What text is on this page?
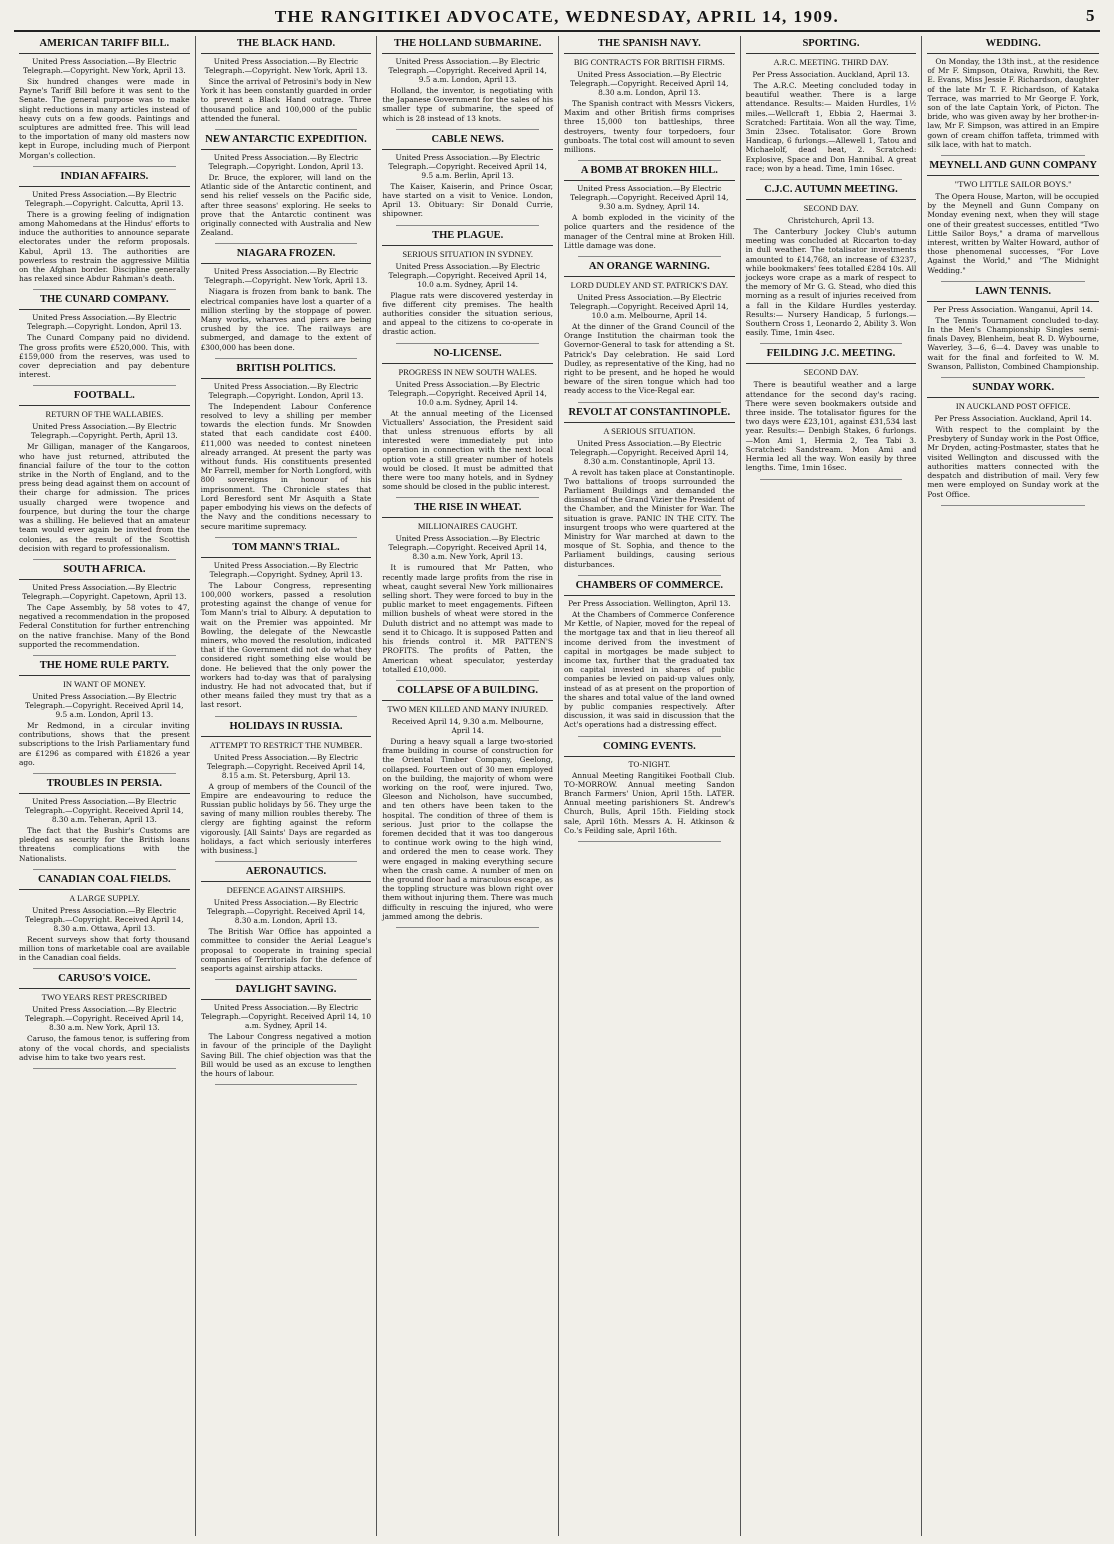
THE RANGITIKEI ADVOCATE, WEDNESDAY, APRIL 14, 1909.	5

AMERICAN TARIFF BILL.

United Press Association.—By Electric Telegraph.—Copyright. New York, April 13.

Six hundred changes were made in Payne's Tariff Bill before it was sent to the Senate. The general purpose was to make slight reductions in many articles instead of heavy cuts on a few goods. Paintings and sculptures are admitted free. This will lead to the importation of many old masters now kept in Europe, including much of Pierpont Morgan's collection.

INDIAN AFFAIRS.

United Press Association.—By Electric Telegraph.—Copyright. Calcutta, April 13.

There is a growing feeling of indignation among Mahomedans at the Hindus' efforts to induce the authorities to announce separate electorates under the reform proposals. Kabul, April 13. The authorities are powerless to restrain the aggressive Militia on the Afghan border. Discipline generally has relaxed since Abdur Rahman's death.

THE CUNARD COMPANY.

United Press Association.—By Electric Telegraph.—Copyright. London, April 13.

The Cunard Company paid no dividend. The gross profits were £520,000. This, with £159,000 from the reserves, was used to cover depreciation and pay debenture interest.

FOOTBALL.

RETURN OF THE WALLABIES.

United Press Association.—By Electric Telegraph.—Copyright. Perth, April 13.

Mr Gilligan, manager of the Kangaroos, who have just returned, attributed the financial failure of the tour to the cotton strike in the North of England, and to the press being dead against them on account of their charge for admission. The prices usually charged were twopence and fourpence, but during the tour the charge was a shilling. He believed that an amateur team would ever again be invited from the colonies, as the result of the Scottish decision with regard to professionalism.

SOUTH AFRICA.

United Press Association.—By Electric Telegraph.—Copyright. Capetown, April 13.

The Cape Assembly, by 58 votes to 47, negatived a recommendation in the proposed Federal Constitution for further entrenching on the native franchise. Many of the Bond supported the recommendation.

THE HOME RULE PARTY.

IN WANT OF MONEY.

United Press Association.—By Electric Telegraph.—Copyright. Received April 14, 9.5 a.m. London, April 13.

Mr Redmond, in a circular inviting contributions, shows that the present subscriptions to the Irish Parliamentary fund are £1296 as compared with £1826 a year ago.

TROUBLES IN PERSIA.

United Press Association.—By Electric Telegraph.—Copyright. Received April 14, 8.30 a.m. Teheran, April 13.

The fact that the Bushir's Customs are pledged as security for the British loans threatens complications with the Nationalists.

CANADIAN COAL FIELDS.

A LARGE SUPPLY.

United Press Association.—By Electric Telegraph.—Copyright. Received April 14, 8.30 a.m. Ottawa, April 13.

Recent surveys show that forty thousand million tons of marketable coal are available in the Canadian coal fields.

CARUSO'S VOICE.

TWO YEARS REST PRESCRIBED

United Press Association.—By Electric Telegraph.—Copyright. Received April 14, 8.30 a.m. New York, April 13.

Caruso, the famous tenor, is suffering from atony of the vocal chords, and specialists advise him to take two years rest.

THE BLACK HAND.

United Press Association.—By Electric Telegraph.—Copyright. New York, April 13.

Since the arrival of Petrosini's body in New York it has been constantly guarded in order to prevent a Black Hand outrage. Three thousand police and 100,000 of the public attended the funeral.

NEW ANTARCTIC EXPEDITION.

United Press Association.—By Electric Telegraph.—Copyright. London, April 13.

Dr. Bruce, the explorer, will land on the Atlantic side of the Antarctic continent, and send his relief vessels on the Pacific side, after three seasons' exploring. He seeks to prove that the Antarctic continent was originally connected with Australia and New Zealand.

NIAGARA FROZEN.

United Press Association.—By Electric Telegraph.—Copyright. New York, April 13.

Niagara is frozen from bank to bank. The electrical companies have lost a quarter of a million sterling by the stoppage of power. Many works, wharves and piers are being crushed by the ice. The railways are submerged, and damage to the extent of £300,000 has been done.

BRITISH POLITICS.

United Press Association.—By Electric Telegraph.—Copyright. London, April 13.

The Independent Labour Conference resolved to levy a shilling per member towards the election funds. Mr Snowden stated that each candidate cost £400. £11,000 was needed to contest nineteen already arranged. At present the party was without funds. His constituents presented Mr Farrell, member for North Longford, with 800 sovereigns in honour of his imprisonment. The Chronicle states that Lord Beresford sent Mr Asquith a State paper embodying his views on the defects of the Navy and the conditions necessary to secure maritime supremacy.

TOM MANN'S TRIAL.

United Press Association.—By Electric Telegraph.—Copyright. Sydney, April 13.

The Labour Congress, representing 100,000 workers, passed a resolution protesting against the change of venue for Tom Mann's trial to Albury. A deputation to wait on the Premier was appointed. Mr Bowling, the delegate of the Newcastle miners, who moved the resolution, indicated that if the Government did not do what they considered right something else would be done. He believed that the only power the workers had to-day was that of paralysing industry. He had not advocated that, but if other means failed they must try that as a last resort.

HOLIDAYS IN RUSSIA.

ATTEMPT TO RESTRICT THE NUMBER.

United Press Association.—By Electric Telegraph.—Copyright. Received April 14, 8.15 a.m. St. Petersburg, April 13.

A group of members of the Council of the Empire are endeavouring to reduce the Russian public holidays by 56. They urge the saving of many million roubles thereby. The clergy are fighting against the reform vigorously. [All Saints' Days are regarded as holidays, a fact which seriously interferes with business.]

AERONAUTICS.

DEFENCE AGAINST AIRSHIPS.

United Press Association.—By Electric Telegraph.—Copyright. Received April 14, 8.30 a.m. London, April 13.

The British War Office has appointed a committee to consider the Aerial League's proposal to cooperate in training special companies of Territorials for the defence of seaports against airship attacks.

DAYLIGHT SAVING.

United Press Association.—By Electric Telegraph.—Copyright. Received April 14, 10 a.m. Sydney, April 14.

The Labour Congress negatived a motion in favour of the principle of the Daylight Saving Bill. The chief objection was that the Bill would be used as an excuse to lengthen the hours of labour.

THE HOLLAND SUBMARINE.

United Press Association.—By Electric Telegraph.—Copyright. Received April 14, 9.5 a.m. London, April 13.

Holland, the inventor, is negotiating with the Japanese Government for the sales of his smaller type of submarine, the speed of which is 28 instead of 13 knots.

CABLE NEWS.

United Press Association.—By Electric Telegraph.—Copyright. Received April 14, 9.5 a.m. Berlin, April 13.

The Kaiser, Kaiserin, and Prince Oscar, have started on a visit to Venice. London, April 13. Obituary: Sir Donald Currie, shipowner.

THE PLAGUE.

SERIOUS SITUATION IN SYDNEY.

United Press Association.—By Electric Telegraph.—Copyright. Received April 14, 10.0 a.m. Sydney, April 14.

Plague rats were discovered yesterday in five different city premises. The health authorities consider the situation serious, and appeal to the citizens to co-operate in drastic action.

NO-LICENSE.

PROGRESS IN NEW SOUTH WALES.

United Press Association.—By Electric Telegraph.—Copyright. Received April 14, 10.0 a.m. Sydney, April 14.

At the annual meeting of the Licensed Victuallers' Association, the President said that unless strenuous efforts by all interested were immediately put into operation in connection with the next local option vote a still greater number of hotels would be closed. It must be admitted that there were too many hotels, and in Sydney some should be closed in the public interest.

THE RISE IN WHEAT.

MILLIONAIRES CAUGHT.

United Press Association.—By Electric Telegraph.—Copyright. Received April 14, 8.30 a.m. New York, April 13.

It is rumoured that Mr Patten, who recently made large profits from the rise in wheat, caught several New York millionaires selling short. They were forced to buy in the public market to meet engagements. Fifteen million bushels of wheat were stored in the Duluth district and no attempt was made to send it to Chicago. It is supposed Patten and his friends control it. MR PATTEN'S PROFITS. The profits of Patten, the American wheat speculator, yesterday totalled £10,000.

COLLAPSE OF A BUILDING.

TWO MEN KILLED AND MANY INJURED.

Received April 14, 9.30 a.m. Melbourne, April 14.

During a heavy squall a large two-storied frame building in course of construction for the Oriental Timber Company, Geelong, collapsed. Fourteen out of 30 men employed on the building, the majority of whom were working on the roof, were injured. Two, Gleeson and Nicholson, have succumbed, and ten others have been taken to the hospital. The condition of three of them is serious. Just prior to the collapse the foremen decided that it was too dangerous to continue work owing to the high wind, and ordered the men to cease work. They were engaged in making everything secure when the crash came. A number of men on the ground floor had a miraculous escape, as the toppling structure was blown right over them without injuring them. There was much difficulty in rescuing the injured, who were jammed among the debris.

THE SPANISH NAVY.

BIG CONTRACTS FOR BRITISH FIRMS.

United Press Association.—By Electric Telegraph.—Copyright. Received April 14, 8.30 a.m. London, April 13.

The Spanish contract with Messrs Vickers, Maxim and other British firms comprises three 15,000 ton battleships, three destroyers, twenty four torpedoers, four gunboats. The total cost will amount to seven millions.

A BOMB AT BROKEN HILL.

United Press Association.—By Electric Telegraph.—Copyright. Received April 14, 9.30 a.m. Sydney, April 14.

A bomb exploded in the vicinity of the police quarters and the residence of the manager of the Central mine at Broken Hill. Little damage was done.

AN ORANGE WARNING.

LORD DUDLEY AND ST. PATRICK'S DAY.

United Press Association.—By Electric Telegraph.—Copyright. Received April 14, 10.0 a.m. Melbourne, April 14.

At the dinner of the Grand Council of the Orange Institution the chairman took the Governor-General to task for attending a St. Patrick's Day celebration. He said Lord Dudley, as representative of the King, had no right to be present, and he hoped he would beware of the siren tongue which had too ready access to the Vice-Regal ear.

REVOLT AT CONSTANTINOPLE.

A SERIOUS SITUATION.

United Press Association.—By Electric Telegraph.—Copyright. Received April 14, 8.30 a.m. Constantinople, April 13.

A revolt has taken place at Constantinople. Two battalions of troops surrounded the Parliament Buildings and demanded the dismissal of the Grand Vizier the President of the Chamber, and the Minister for War. The situation is grave. PANIC IN THE CITY. The insurgent troops who were quartered at the Ministry for War marched at dawn to the mosque of St. Sophia, and thence to the Parliament buildings, causing serious disturbances.

CHAMBERS OF COMMERCE.

Per Press Association. Wellington, April 13.

At the Chambers of Commerce Conference Mr Kettle, of Napier, moved for the repeal of the mortgage tax and that in lieu thereof all income derived from the investment of capital in mortgages be made subject to income tax, further that the graduated tax on capital invested in shares of public companies be levied on paid-up values only, instead of as at present on the proportion of the shares and total value of the land owned by public companies respectively. After discussion, it was said in discussion that the Act's operations had a distressing effect.

COMING EVENTS.

TO-NIGHT.

Annual Meeting Rangitikei Football Club. TO-MORROW. Annual meeting Sandon Branch Farmers' Union, April 15th. LATER. Annual meeting parishioners St. Andrew's Church, Bulls, April 15th. Fielding stock sale, April 16th. Messrs A. H. Atkinson & Co.'s Feilding sale, April 16th.

SPORTING.

A.R.C. MEETING. THIRD DAY.

Per Press Association. Auckland, April 13.

The A.R.C. Meeting concluded today in beautiful weather. There is a large attendance. Results:— Maiden Hurdles, 1½ miles.—Wellcraft 1, Ebbia 2, Haermai 3. Scratched: Fartitaia. Won all the way. Time, 3min 23sec. Totalisator. Gore Brown Handicap, 6 furlongs.—Allewell 1, Tatou and Michaelolf, dead heat, 2. Scratched: Explosive, Space and Don Hannibal. A great race; won by a head. Time, 1min 16sec.

C.J.C. AUTUMN MEETING.

SECOND DAY.

Christchurch, April 13.

The Canterbury Jockey Club's autumn meeting was concluded at Riccarton to-day in dull weather. The totalisator investments amounted to £14,768, an increase of £3237, while bookmakers' fees totalled £284 10s. All jockeys wore crape as a mark of respect to the memory of Mr G. G. Stead, who died this morning as a result of injuries received from a fall in the Kildare Hurdles yesterday. Results:— Nursery Handicap, 5 furlongs.—Southern Cross 1, Leonardo 2, Ability 3. Won easily. Time, 1min 4sec.

FEILDING J.C. MEETING.

SECOND DAY.

There is beautiful weather and a large attendance for the second day's racing. There were seven bookmakers outside and three inside. The totalisator figures for the two days were £23,101, against £31,534 last year. Results:— Denbigh Stakes, 6 furlongs.—Mon Ami 1, Hermia 2, Tea Tabi 3. Scratched: Sandstream. Mon Ami and Hermia led all the way. Won easily by three lengths. Time, 1min 16sec.

WEDDING.

On Monday, the 13th inst., at the residence of Mr F. Simpson, Otaiwa, Ruwhiti, the Rev. E. Evans, Miss Jessie F. Richardson, daughter of the late Mr T. F. Richardson, of Kataka Terrace, was married to Mr George F. York, son of the late Captain York, of Picton. The bride, who was given away by her brother-in-law, Mr F. Simpson, was attired in an Empire gown of cream chiffon taffeta, trimmed with silk lace, with hat to match.

MEYNELL AND GUNN COMPANY

"TWO LITTLE SAILOR BOYS."

The Opera House, Marton, will be occupied by the Meynell and Gunn Company on Monday evening next, when they will stage one of their greatest successes, entitled "Two Little Sailor Boys," a drama of marvellous interest, written by Walter Howard, author of those phenomenal successes, "For Love Against the World," and "The Midnight Wedding."

LAWN TENNIS.

Per Press Association. Wanganui, April 14.

The Tennis Tournament concluded to-day. In the Men's Championship Singles semi-finals Davey, Blenheim, beat R. D. Wybourne, Waverley, 3—6, 6—4. Davey was unable to wait for the final and forfeited to W. M. Swanson, Palliston, Combined Championship.

SUNDAY WORK.

IN AUCKLAND POST OFFICE.

Per Press Association. Auckland, April 14.

With respect to the complaint by the Presbytery of Sunday work in the Post Office, Mr Dryden, acting-Postmaster, states that he visited Wellington and discussed with the authorities matters connected with the despatch and distribution of mail. Very few men were employed on Sunday work at the Post Office.
